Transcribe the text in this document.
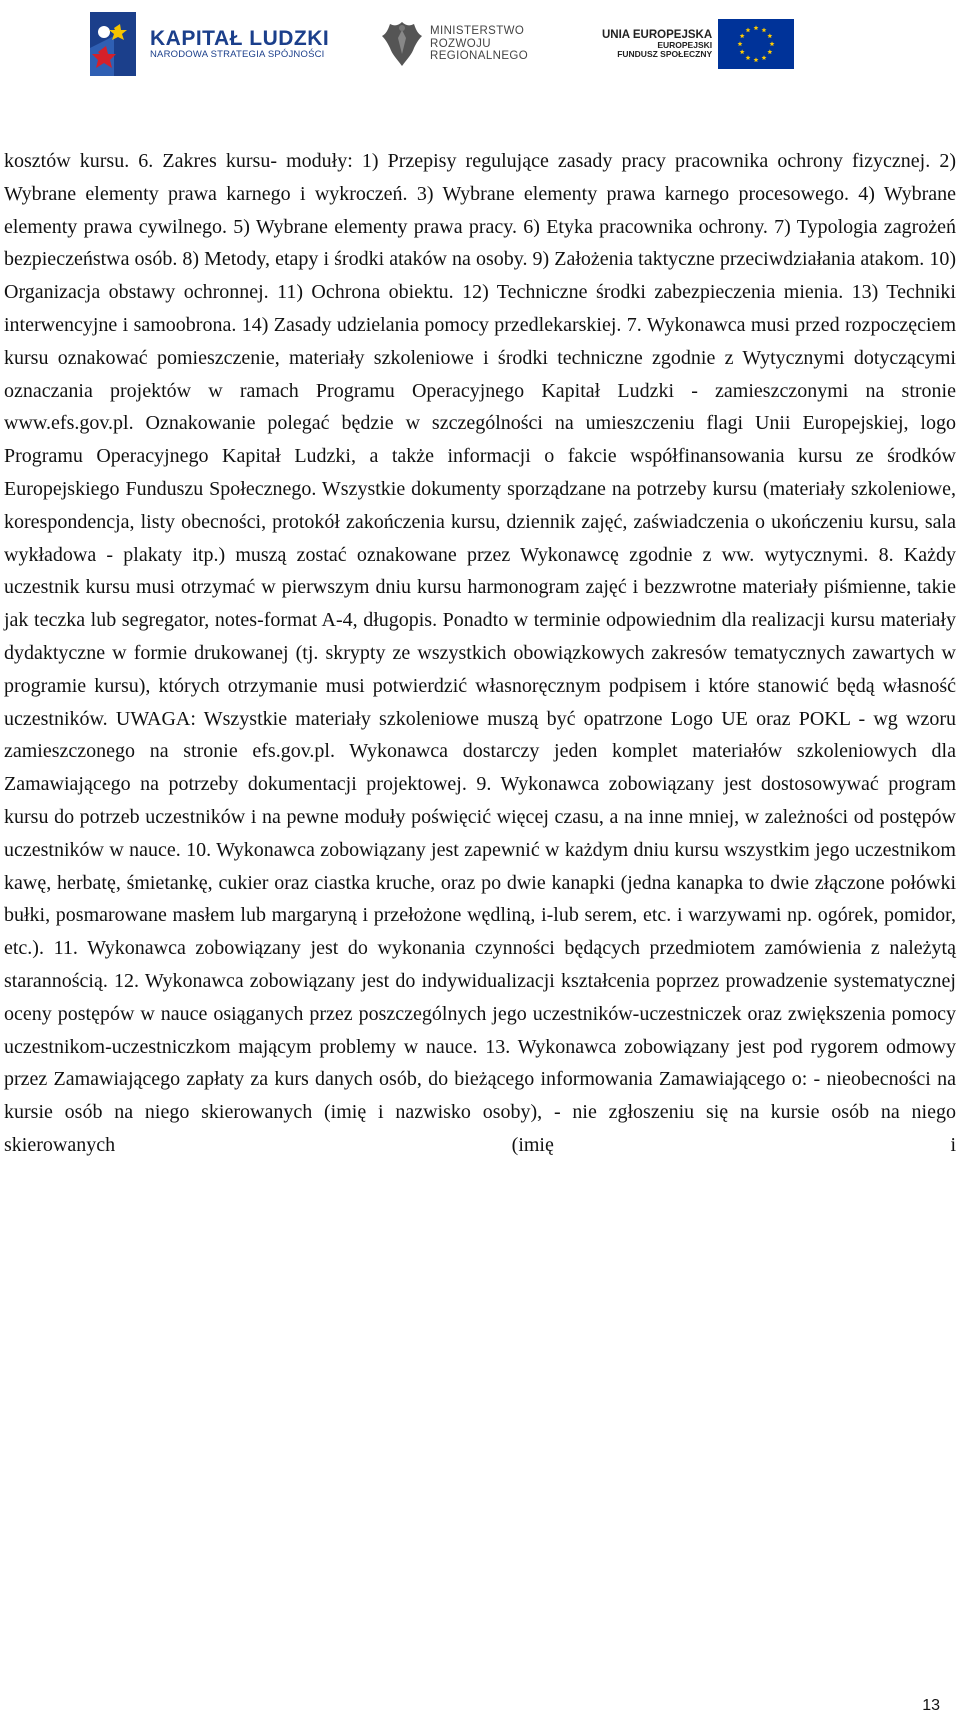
KAPITAŁ LUDZKI
NARODOWA STRATEGIA SPÓJNOŚCI
MINISTERSTWO
ROZWOJU
REGIONALNEGO
UNIA EUROPEJSKA
EUROPEJSKI
FUNDUSZ SPOŁECZNY

kosztów kursu. 6. Zakres kursu- moduły: 1) Przepisy regulujące zasady pracy pracownika ochrony fizycznej. 2) Wybrane elementy prawa karnego i wykroczeń. 3) Wybrane elementy prawa karnego procesowego. 4) Wybrane elementy prawa cywilnego. 5) Wybrane elementy prawa pracy. 6) Etyka pracownika ochrony. 7) Typologia zagrożeń bezpieczeństwa osób. 8) Metody, etapy i środki ataków na osoby. 9) Założenia taktyczne przeciwdziałania atakom. 10) Organizacja obstawy ochronnej. 11) Ochrona obiektu. 12) Techniczne środki zabezpieczenia mienia. 13) Techniki interwencyjne i samoobrona. 14) Zasady udzielania pomocy przedlekarskiej. 7. Wykonawca musi przed rozpoczęciem kursu oznakować pomieszczenie, materiały szkoleniowe i środki techniczne zgodnie z Wytycznymi dotyczącymi oznaczania projektów w ramach Programu Operacyjnego Kapitał Ludzki - zamieszczonymi na stronie www.efs.gov.pl. Oznakowanie polegać będzie w szczególności na umieszczeniu flagi Unii Europejskiej, logo Programu Operacyjnego Kapitał Ludzki, a także informacji o fakcie współfinansowania kursu ze środków Europejskiego Funduszu Społecznego. Wszystkie dokumenty sporządzane na potrzeby kursu (materiały szkoleniowe, korespondencja, listy obecności, protokół zakończenia kursu, dziennik zajęć, zaświadczenia o ukończeniu kursu, sala wykładowa - plakaty itp.) muszą zostać oznakowane przez Wykonawcę zgodnie z ww. wytycznymi. 8. Każdy uczestnik kursu musi otrzymać w pierwszym dniu kursu harmonogram zajęć i bezzwrotne materiały piśmienne, takie jak teczka lub segregator, notes-format A-4, długopis. Ponadto w terminie odpowiednim dla realizacji kursu materiały dydaktyczne w formie drukowanej (tj. skrypty ze wszystkich obowiązkowych zakresów tematycznych zawartych w programie kursu), których otrzymanie musi potwierdzić własnoręcznym podpisem i które stanowić będą własność uczestników. UWAGA: Wszystkie materiały szkoleniowe muszą być opatrzone Logo UE oraz POKL - wg wzoru zamieszczonego na stronie efs.gov.pl. Wykonawca dostarczy jeden komplet materiałów szkoleniowych dla Zamawiającego na potrzeby dokumentacji projektowej. 9. Wykonawca zobowiązany jest dostosowywać program kursu do potrzeb uczestników i na pewne moduły poświęcić więcej czasu, a na inne mniej, w zależności od postępów uczestników w nauce. 10. Wykonawca zobowiązany jest zapewnić w każdym dniu kursu wszystkim jego uczestnikom kawę, herbatę, śmietankę, cukier oraz ciastka kruche, oraz po dwie kanapki (jedna kanapka to dwie złączone połówki bułki, posmarowane masłem lub margaryną i przełożone wędliną, i-lub serem, etc. i warzywami np. ogórek, pomidor, etc.). 11. Wykonawca zobowiązany jest do wykonania czynności będących przedmiotem zamówienia z należytą starannością. 12. Wykonawca zobowiązany jest do indywidualizacji kształcenia poprzez prowadzenie systematycznej oceny postępów w nauce osiąganych przez poszczególnych jego uczestników-uczestniczek oraz zwiększenia pomocy uczestnikom-uczestniczkom mającym problemy w nauce. 13. Wykonawca zobowiązany jest pod rygorem odmowy przez Zamawiającego zapłaty za kurs danych osób, do bieżącego informowania Zamawiającego o: - nieobecności na kursie osób na niego skierowanych (imię i nazwisko osoby), - nie zgłoszeniu się na kursie osób na niego skierowanych (imię i

13
